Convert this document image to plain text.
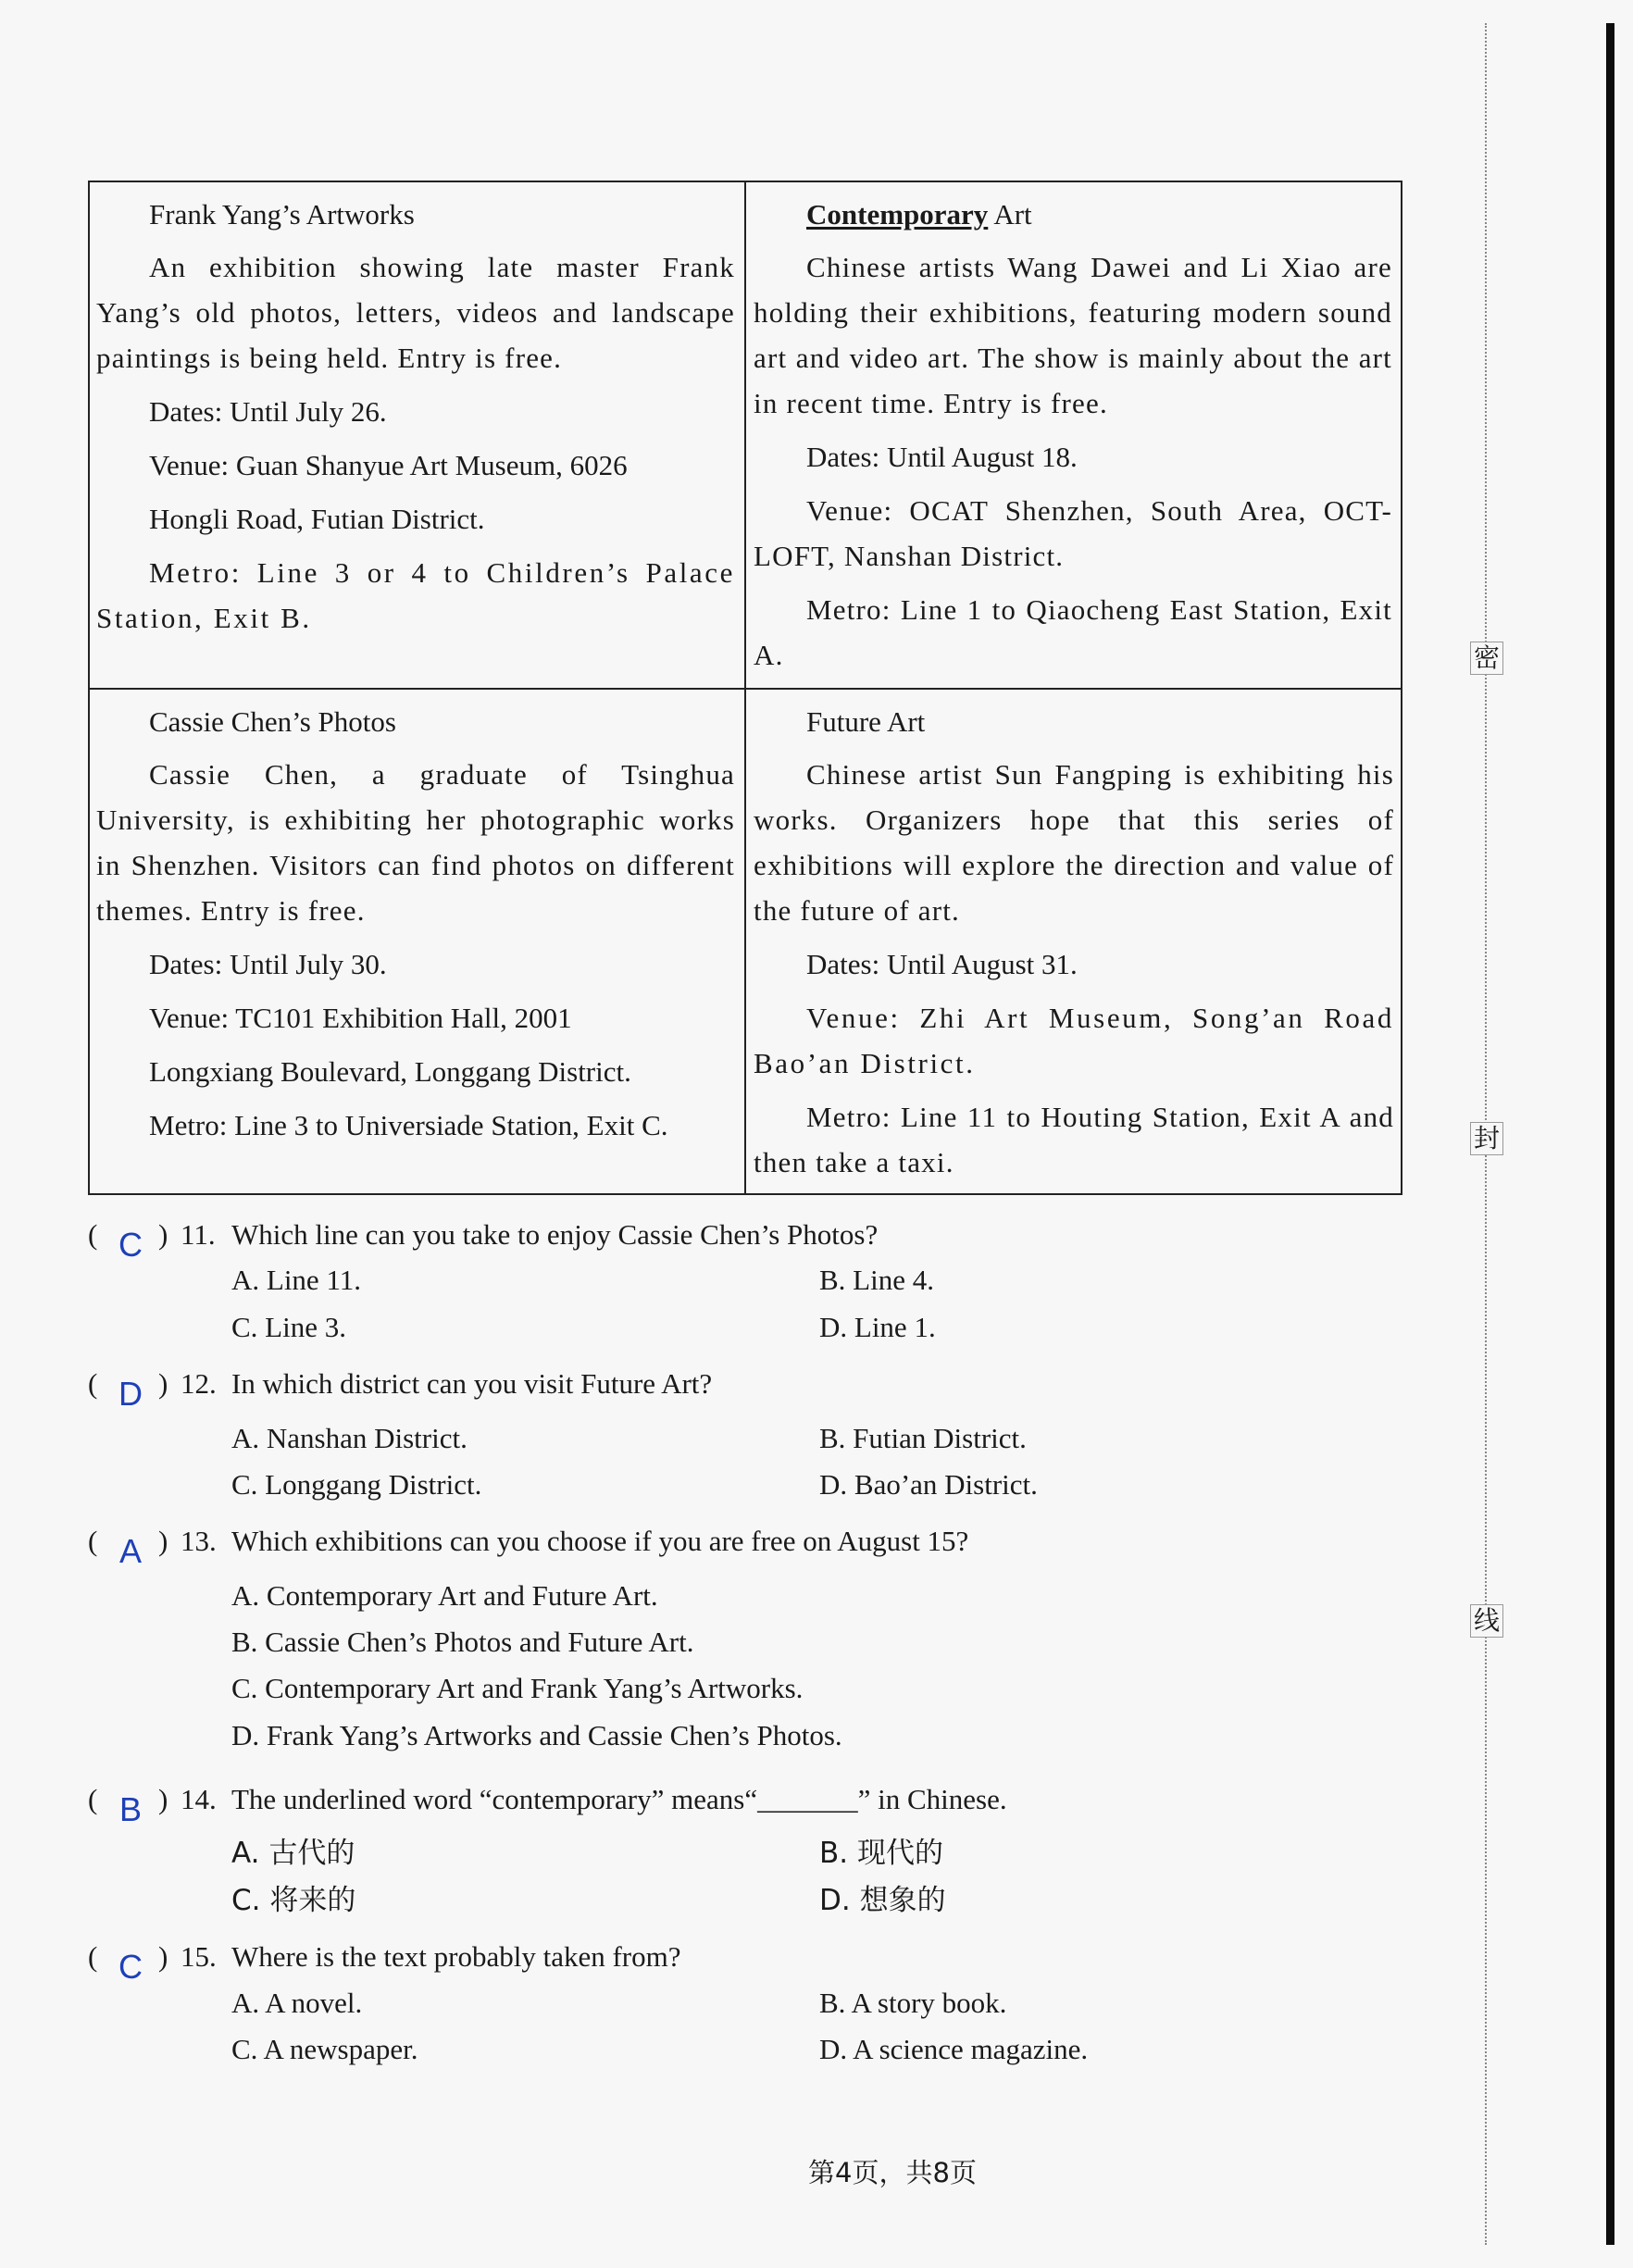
Frank Yang’s Artworks

An exhibition showing late master Frank Yang’s old photos, letters, videos and landscape paintings is being held. Entry is free.

Dates: Until July 26.

Venue: Guan Shanyue Art Museum, 6026

Hongli Road, Futian District.

Metro: Line 3 or 4 to Children’s Palace Station, Exit B.

Contemporary Art

Chinese artists Wang Dawei and Li Xiao are holding their exhibitions, featuring modern sound art and video art. The show is mainly about the art in recent time. Entry is free.

Dates: Until August 18.

Venue: OCAT Shenzhen, South Area, OCT-LOFT, Nanshan District.

Metro: Line 1 to Qiaocheng East Station, Exit A.

Cassie Chen’s Photos

Cassie Chen, a graduate of Tsinghua University, is exhibiting her photographic works in Shenzhen. Visitors can find photos on different themes. Entry is free.

Dates: Until July 30.

Venue: TC101 Exhibition Hall, 2001

Longxiang Boulevard, Longgang District.

Metro: Line 3 to Universiade Station, Exit C.

Future Art

Chinese artist Sun Fangping is exhibiting his works. Organizers hope that this series of exhibitions will explore the direction and value of the future of art.

Dates: Until August 31.

Venue: Zhi Art Museum, Song’an Road Bao’an District.

Metro: Line 11 to Houting Station, Exit A and then take a taxi.

( C ) 11. Which line can you take to enjoy Cassie Chen’s Photos?
A. Line 11.	B. Line 4.
C. Line 3.	D. Line 1.
( D ) 12. In which district can you visit Future Art?
A. Nanshan District.	B. Futian District.
C. Longgang District.	D. Bao’an District.
( A ) 13. Which exhibitions can you choose if you are free on August 15?
A. Contemporary Art and Future Art.
B. Cassie Chen’s Photos and Future Art.
C. Contemporary Art and Frank Yang’s Artworks.
D. Frank Yang’s Artworks and Cassie Chen’s Photos.
( B ) 14. The underlined word “contemporary” means“_______” in Chinese.
A. 古代的	B. 现代的
C. 将来的	D. 想象的
( C ) 15. Where is the text probably taken from?
A. A novel.	B. A story book.
C. A newspaper.	D. A science magazine.
密
封
线
第4页，共8页
